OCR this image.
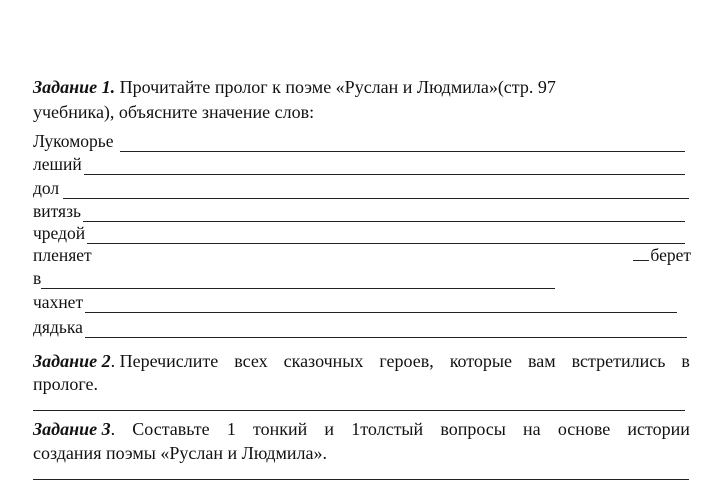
Задание 1. Прочитайте пролог к поэме «Руслан и Людмила»(стр. 97
учебника), объясните значение слов:
Лукоморье
леший
дол
витязь
чредой
пленяет	берет
в
чахнет
дядька
Задание 2. Перечислите всех сказочных героев, которые вам встретились в
прологе.
Задание 3. Составьте 1 тонкий и 1толстый вопросы на основе истории
создания поэмы «Руслан и Людмила».
